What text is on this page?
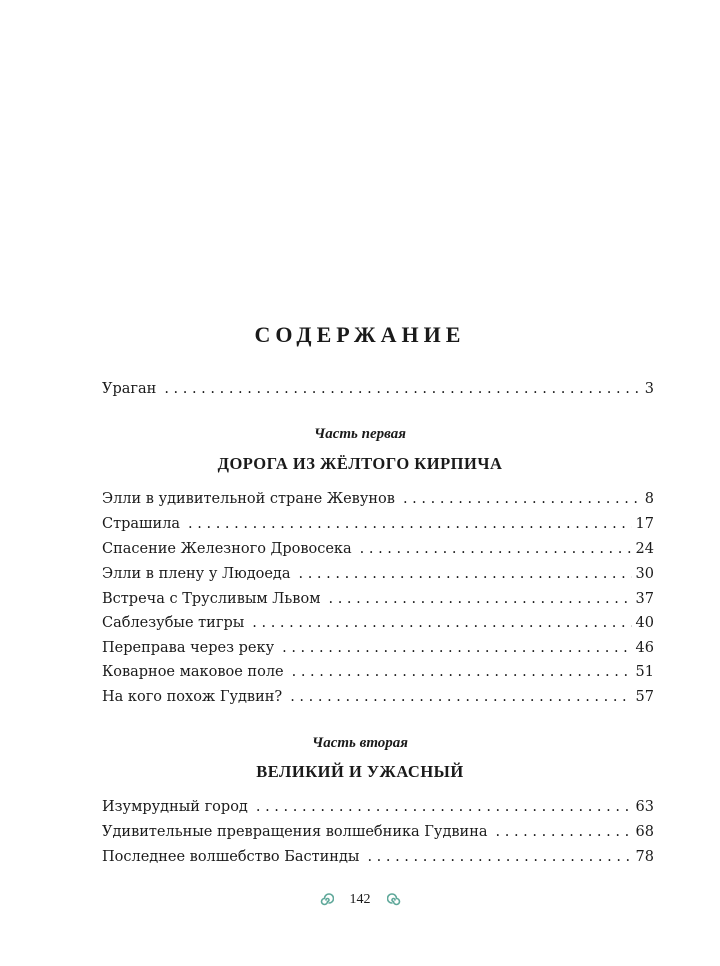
СОДЕРЖАНИЕ
Ураган . . .	3
Часть первая
ДОРОГА ИЗ ЖЁЛТОГО КИРПИЧА
Элли в удивительной стране Жевунов . . .	8
Страшила . . .	17
Спасение Железного Дровосека . . .	24
Элли в плену у Людоеда . . .	30
Встреча с Трусливым Львом . . .	37
Саблезубые тигры . . .	40
Переправа через реку . . .	46
Коварное маковое поле . . .	51
На кого похож Гудвин? . . .	57
Часть вторая
ВЕЛИКИЙ И УЖАСНЫЙ
Изумрудный город . . .	63
Удивительные превращения волшебника Гудвина . . .	68
Последнее волшебство Бастинды . . .	78
142
